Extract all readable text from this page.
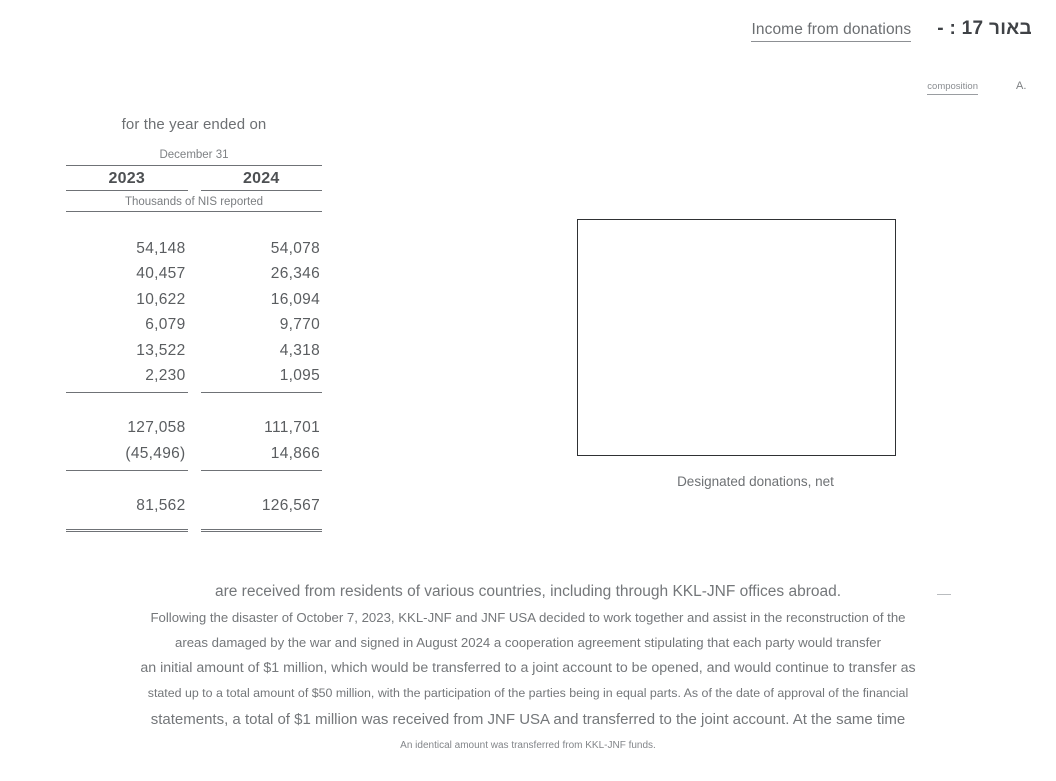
Income from donations באור 17 : -
composition	A.
for the year ended on
December 31
2023	2024
Thousands of NIS reported
54,148	54,078
40,457	26,346
10,622	16,094
6,079	9,770
13,522	4,318
2,230	1,095
127,058	111,701
(45,496)	14,866
81,562	126,567
Designated donations, net
are received from residents of various countries, including through KKL-JNF offices abroad.
Following the disaster of October 7, 2023, KKL-JNF and JNF USA decided to work together and assist in the reconstruction of the
areas damaged by the war and signed in August 2024 a cooperation agreement stipulating that each party would transfer
an initial amount of $1 million, which would be transferred to a joint account to be opened, and would continue to transfer as
stated up to a total amount of $50 million, with the participation of the parties being in equal parts. As of the date of approval of the financial
statements, a total of $1 million was received from JNF USA and transferred to the joint account. At the same time
An identical amount was transferred from KKL-JNF funds.
